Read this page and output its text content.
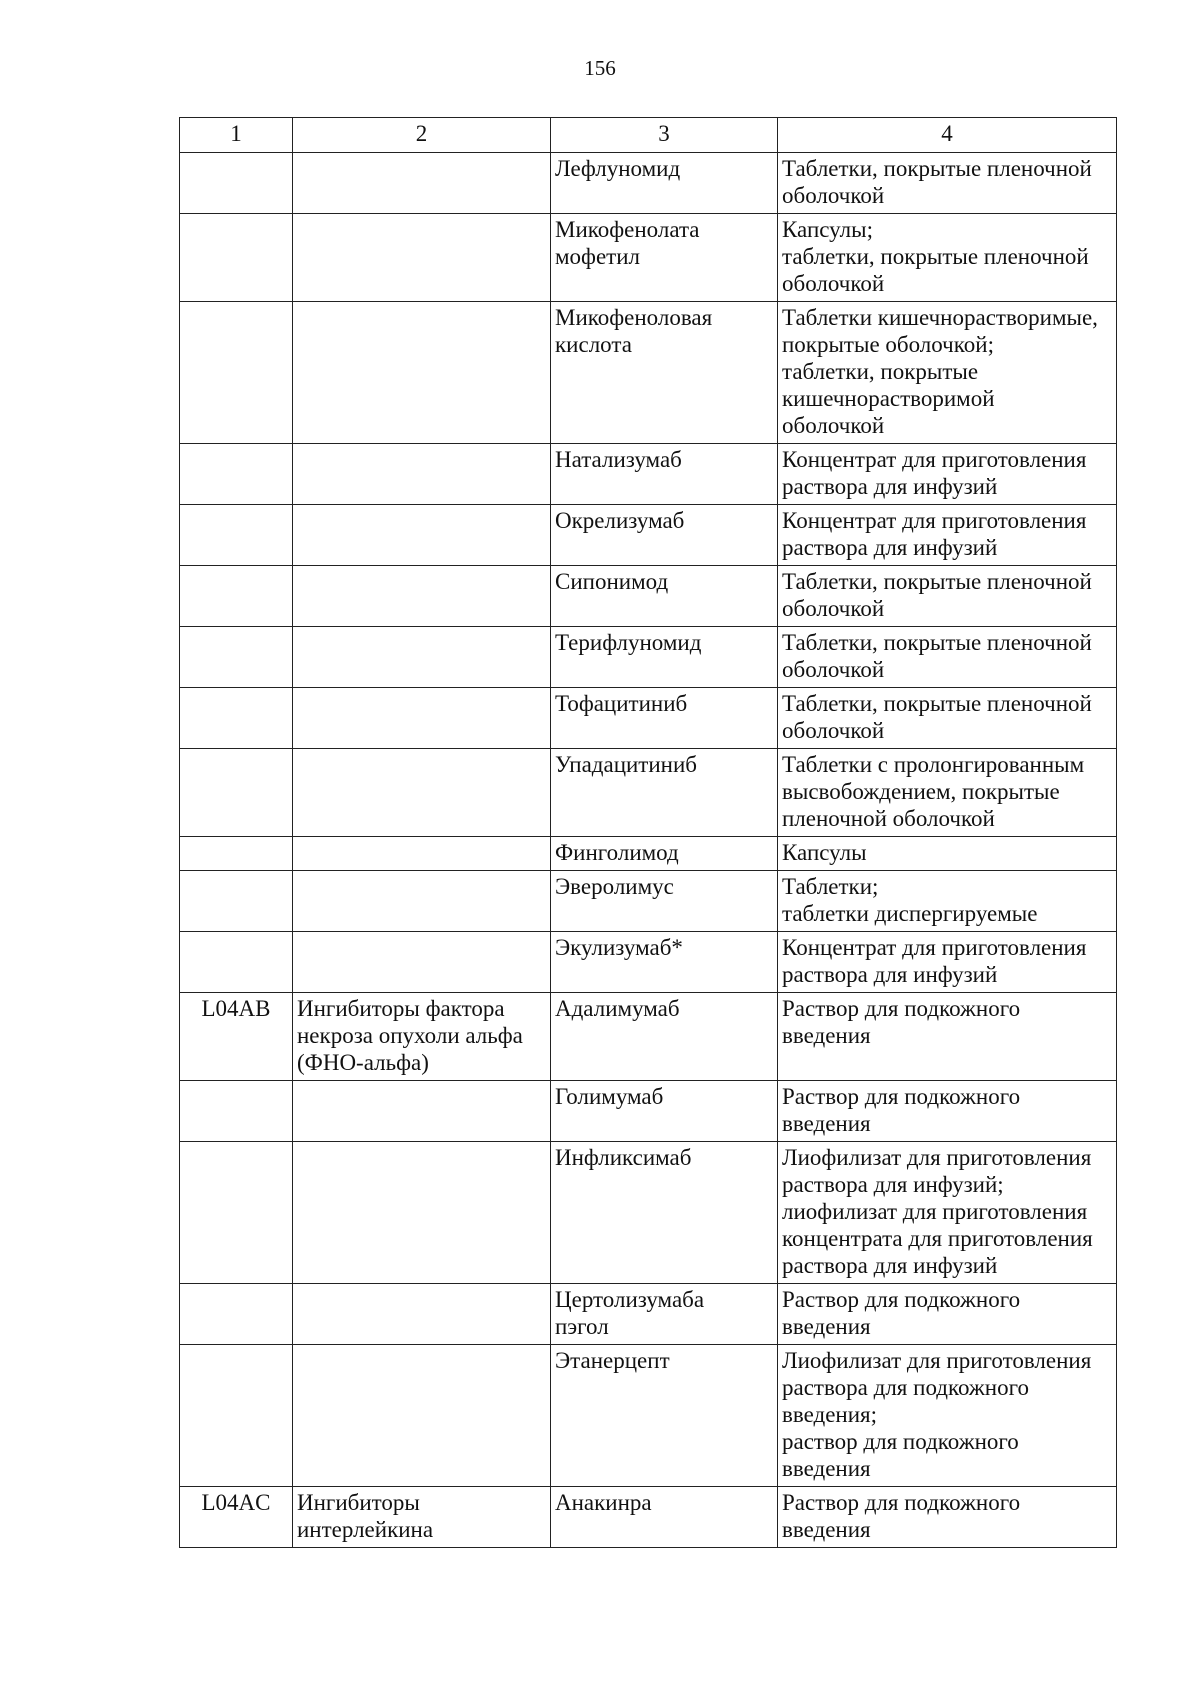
156
1	2	3	4
		Лефлуномид	Таблетки, покрытые пленочной
оболочкой
		Микофенолата
мофетил	Капсулы;
таблетки, покрытые пленочной
оболочкой
		Микофеноловая
кислота	Таблетки кишечнорастворимые,
покрытые оболочкой;
таблетки, покрытые
кишечнорастворимой
оболочкой
		Натализумаб	Концентрат для приготовления
раствора для инфузий
		Окрелизумаб	Концентрат для приготовления
раствора для инфузий
		Сипонимод	Таблетки, покрытые пленочной
оболочкой
		Терифлуномид	Таблетки, покрытые пленочной
оболочкой
		Тофацитиниб	Таблетки, покрытые пленочной
оболочкой
		Упадацитиниб	Таблетки с пролонгированным
высвобождением, покрытые
пленочной оболочкой
		Финголимод	Капсулы
		Эверолимус	Таблетки;
таблетки диспергируемые
		Экулизумаб*	Концентрат для приготовления
раствора для инфузий
L04AB	Ингибиторы фактора
некроза опухоли альфа
(ФНО-альфа)	Адалимумаб	Раствор для подкожного
введения
		Голимумаб	Раствор для подкожного
введения
		Инфликсимаб	Лиофилизат для приготовления
раствора для инфузий;
лиофилизат для приготовления
концентрата для приготовления
раствора для инфузий
		Цертолизумаба
пэгол	Раствор для подкожного
введения
		Этанерцепт	Лиофилизат для приготовления
раствора для подкожного
введения;
раствор для подкожного
введения
L04AC	Ингибиторы
интерлейкина	Анакинра	Раствор для подкожного
введения
